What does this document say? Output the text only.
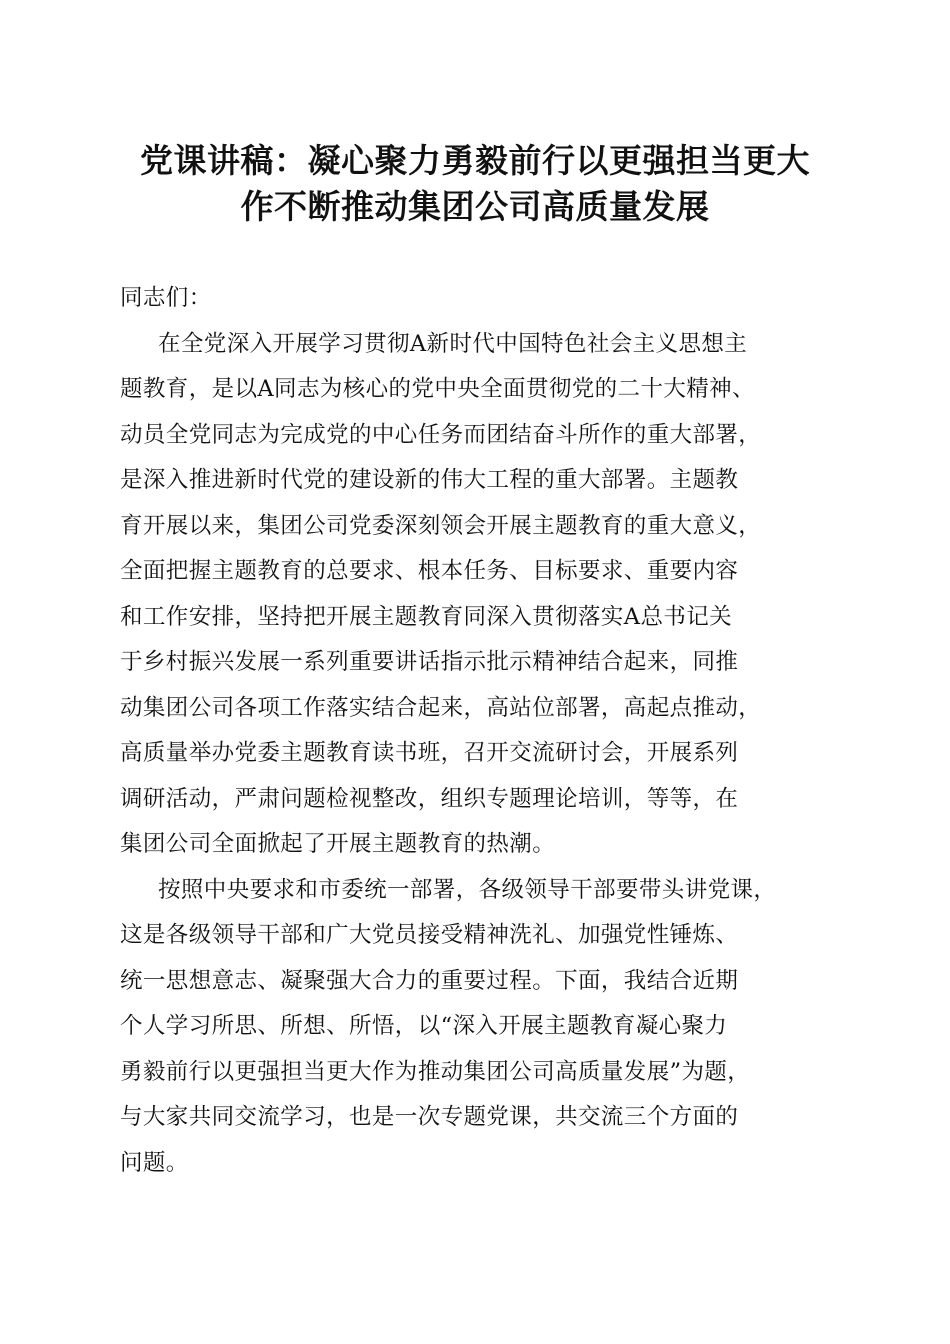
党课讲稿：凝心聚力勇毅前行以更强担当更大
作不断推动集团公司高质量发展

同志们：

在全党深入开展学习贯彻A新时代中国特色社会主义思想主
题教育，是以A同志为核心的党中央全面贯彻党的二十大精神、
动员全党同志为完成党的中心任务而团结奋斗所作的重大部署，
是深入推进新时代党的建设新的伟大工程的重大部署。主题教
育开展以来，集团公司党委深刻领会开展主题教育的重大意义，
全面把握主题教育的总要求、根本任务、目标要求、重要内容
和工作安排，坚持把开展主题教育同深入贯彻落实A总书记关
于乡村振兴发展一系列重要讲话指示批示精神结合起来，同推
动集团公司各项工作落实结合起来，高站位部署，高起点推动，
高质量举办党委主题教育读书班，召开交流研讨会，开展系列
调研活动，严肃问题检视整改，组织专题理论培训，等等，在
集团公司全面掀起了开展主题教育的热潮。

按照中央要求和市委统一部署，各级领导干部要带头讲党课，
这是各级领导干部和广大党员接受精神洗礼、加强党性锤炼、
统一思想意志、凝聚强大合力的重要过程。下面，我结合近期
个人学习所思、所想、所悟，以“深入开展主题教育凝心聚力
勇毅前行以更强担当更大作为推动集团公司高质量发展”为题，
与大家共同交流学习，也是一次专题党课，共交流三个方面的
问题。
